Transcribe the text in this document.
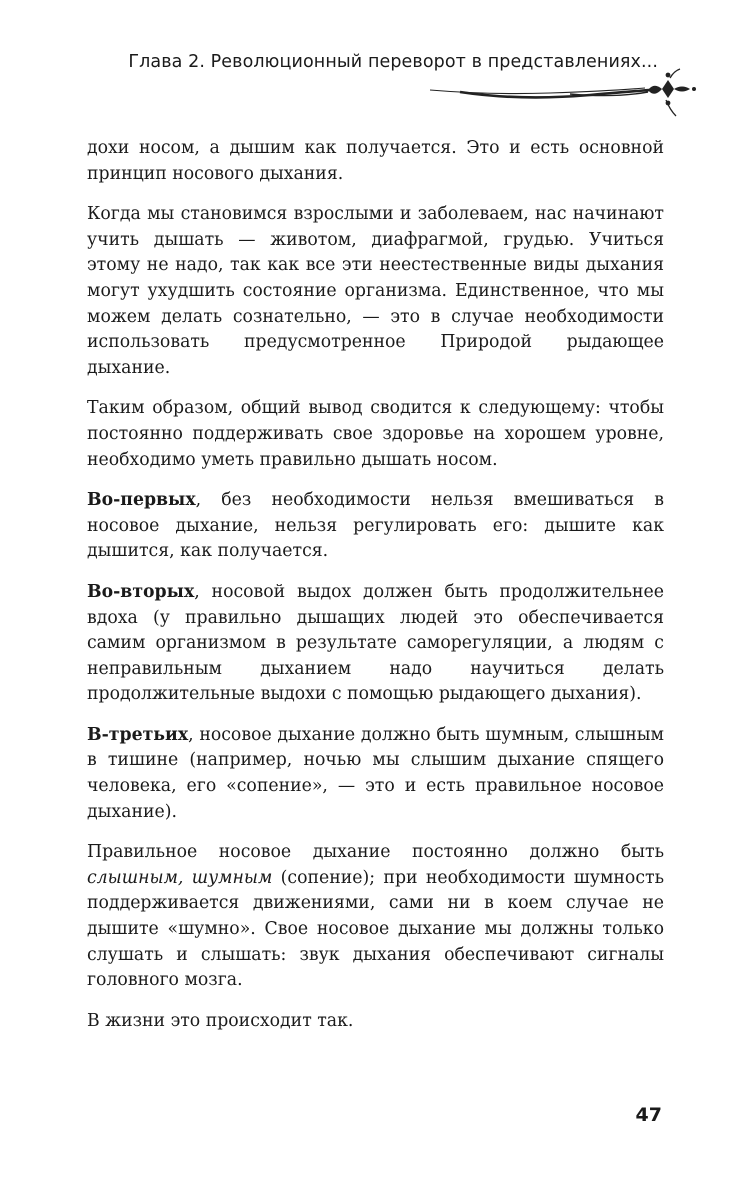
Глава 2. Революционный переворот в представлениях...

дохи носом, а дышим как получается. Это и есть основной принцип носового дыхания.

Когда мы становимся взрослыми и заболеваем, нас начинают учить дышать — животом, диафрагмой, грудью. Учиться этому не надо, так как все эти неестественные виды дыхания могут ухудшить состояние организма. Единственное, что мы можем делать сознательно, — это в случае необходимости использовать предусмотренное Природой рыдающее дыхание.

Таким образом, общий вывод сводится к следующему: чтобы постоянно поддерживать свое здоровье на хорошем уровне, необходимо уметь правильно дышать носом.

Во-первых, без необходимости нельзя вмешиваться в носовое дыхание, нельзя регулировать его: дышите как дышится, как получается.

Во-вторых, носовой выдох должен быть продолжительнее вдоха (у правильно дышащих людей это обеспечивается самим организмом в результате саморегуляции, а людям с неправильным дыханием надо научиться делать продолжительные выдохи с помощью рыдающего дыхания).

В-третьих, носовое дыхание должно быть шумным, слышным в тишине (например, ночью мы слышим дыхание спящего человека, его «сопение», — это и есть правильное носовое дыхание).

Правильное носовое дыхание постоянно должно быть слышным, шумным (сопение); при необходимости шумность поддерживается движениями, сами ни в коем случае не дышите «шумно». Свое носовое дыхание мы должны только слушать и слышать: звук дыхания обеспечивают сигналы головного мозга.

В жизни это происходит так.

47
